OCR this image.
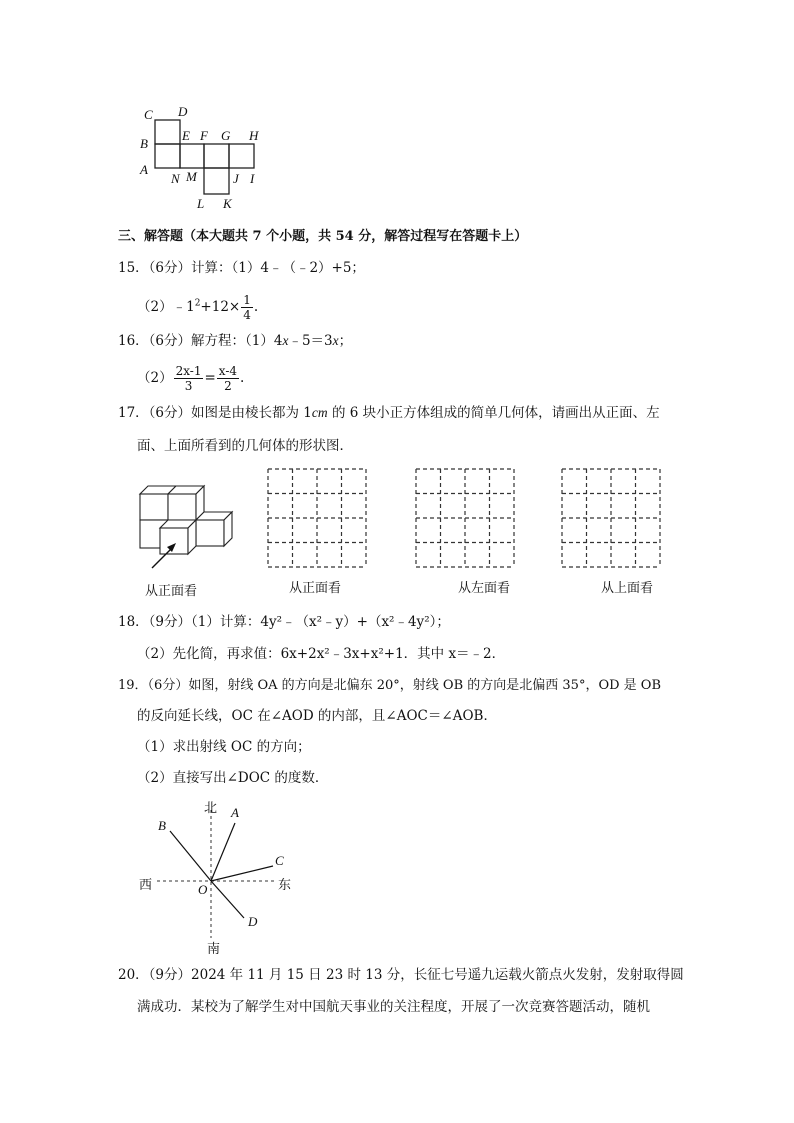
C D
B
E F G H
A
N M	J I
L K
三、解答题（本大题共 7 个小题，共 54 分，解答过程写在答题卡上）
15．（6分）计算：（1）4﹣（﹣2）+5；
$(2)﹣1^2+12\times \frac{1}{4}$ .
16．（6分）解方程：（1）4x﹣5＝3x；
$(2) \frac{2x-1}{3} = \frac{x-4}{2}$ .
17．（6分）如图是由棱长都为 1cm 的 6 块小正方体组成的简单几何体，请画出从正面、左
面、上面所看到的几何体的形状图．
从正面看	从正面看	从左面看	从上面看
18．（9分）（1）计算：4y²﹣（x²﹣y）+（x²﹣4y²）；
（2）先化简，再求值：6x+2x²﹣3x+x²+1．其中 x＝﹣2．
19．（6分）如图，射线 OA 的方向是北偏东 20°，射线 OB 的方向是北偏西 35°，OD 是 OB
的反向延长线，OC 在∠AOD 的内部，且∠AOC＝∠AOB．
（1）求出射线 OC 的方向；
（2）直接写出∠DOC 的度数．
北
南
西	东
A
B
C
D
O
20．（9分）2024 年 11 月 15 日 23 时 13 分，长征七号遥九运载火箭点火发射，发射取得圆
满成功．某校为了解学生对中国航天事业的关注程度，开展了一次竞赛答题活动，随机
